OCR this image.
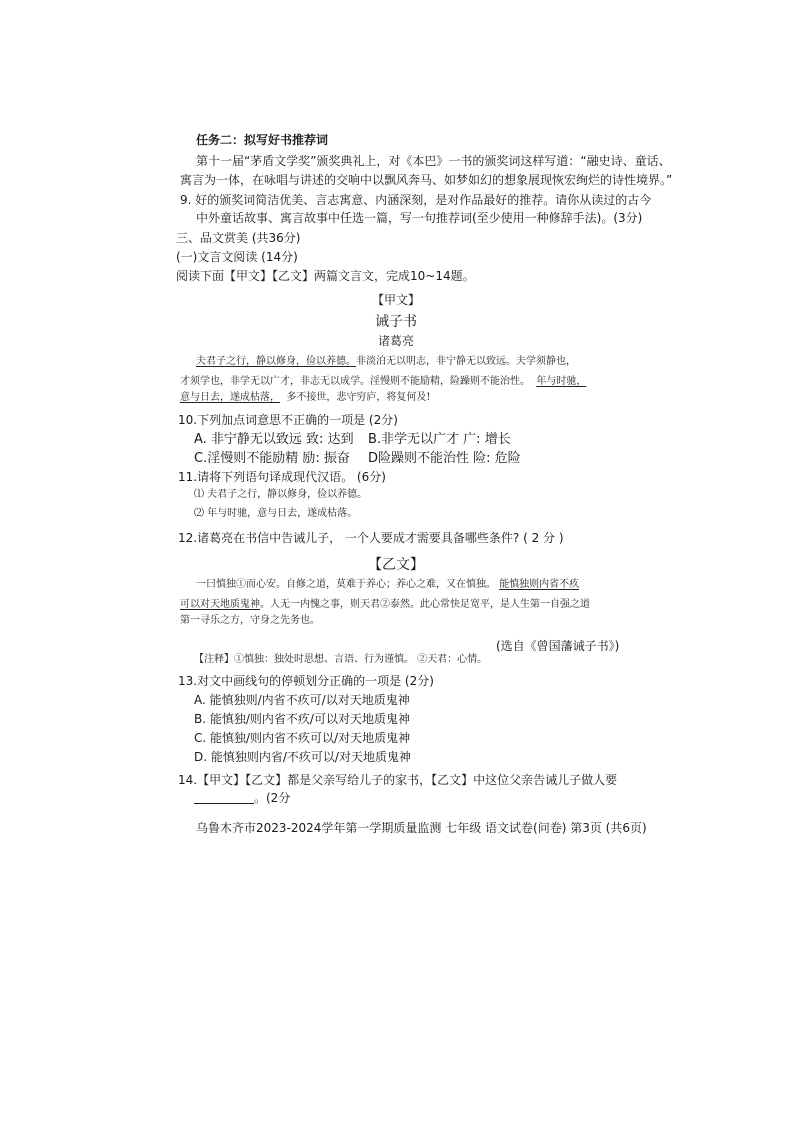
任务二：拟写好书推荐词
第十一届“茅盾文学奖”颁奖典礼上，对《本巴》一书的颁奖词这样写道：“融史诗、童话、
寓言为一体，在咏唱与讲述的交响中以飘风奔马、如梦如幻的想象展现恢宏绚烂的诗性境界。”
9. 好的颁奖词简洁优美、言志寓意、内涵深刻，是对作品最好的推荐。请你从读过的古今
中外童话故事、寓言故事中任选一篇，写一句推荐词(至少使用一种修辞手法)。(3分)
三、品文赏美 (共36分)
(一)文言文阅读 (14分)
阅读下面【甲文】【乙文】两篇文言文，完成10~14题。
【甲文】
诫子书
诸葛亮
夫君子之行，静以修身，俭以养德。非淡泊无以明志，非宁静无以致远。夫学须静也，
才须学也，非学无以广才，非志无以成学。淫慢则不能励精，险躁则不能治性。 年与时驰，
意与日去，遂成枯落， 多不接世，悲守穷庐，将复何及!
10.下列加点词意思不正确的一项是 (2分)
A. 非宁静无以致远 致: 达到 B.非学无以广才 广: 增长
C.淫慢则不能励精 励: 振奋 D险躁则不能治性 险: 危险
11.请将下列语句译成现代汉语。 (6分)
⑴ 夫君子之行，静以修身，俭以养德。
⑵ 年与时驰，意与日去，遂成枯落。
12.诸葛亮在书信中告诫儿子， 一个人要成才需要具备哪些条件? ( 2 分 )
【乙文】
一曰慎独①而心安。自修之道，莫难于养心；养心之难，又在慎独。 能慎独则内省不疚
可以对天地质鬼神。人无一内愧之事，则天君②泰然。此心常快足宽平，是人生第一自强之道
第一寻乐之方，守身之先务也。
(选自《曾国藩诫子书》)
【注释】①慎独：独处时思想、言语、行为谨慎。 ②天君：心情。
13.对文中画线句的停顿划分正确的一项是 (2分)
A. 能慎独则/内省不疚可/以对天地质鬼神
B. 能慎独/则内省不疚/可以对天地质鬼神
C. 能慎独/则内省不疚可以/对天地质鬼神
D. 能慎独则内省/不疚可以/对天地质鬼神
14.【甲文】【乙文】都是父亲写给儿子的家书，【乙文】中这位父亲告诫儿子做人要
。(2分
乌鲁木齐市2023-2024学年第一学期质量监测 七年级 语文试卷(问卷) 第3页 (共6页)
